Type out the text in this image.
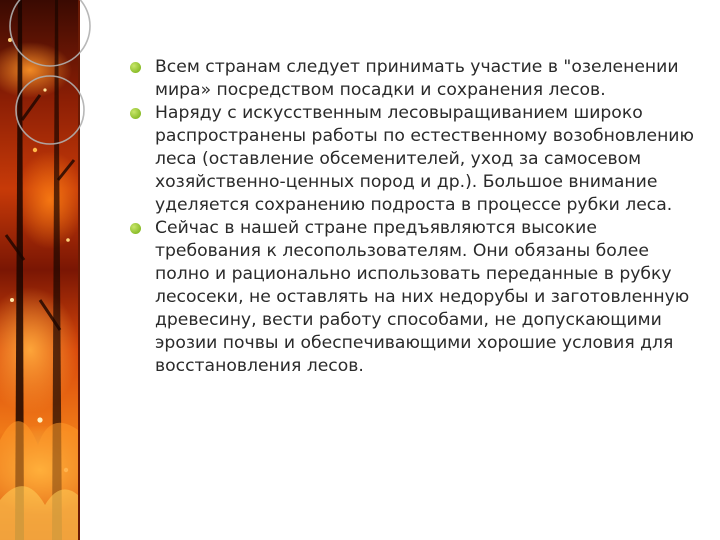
Всем странам следует принимать участие в "озеленении мира» посредством посадки и сохранения лесов.
Наряду с искусственным лесовыращиванием широко распространены работы по естественному возобновлению леса (оставление обсеменителей, уход за самосевом хозяйственно-ценных пород и др.). Большое внимание уделяется сохранению подроста в процессе рубки леса.
Сейчас в нашей стране предъявляются высокие требования к лесопользователям. Они обязаны более полно и рационально использовать переданные в рубку лесосеки, не оставлять на них недорубы и заготовленную древесину, вести работу способами, не допускающими эрозии почвы и обеспечивающими хорошие условия для восстановления лесов.
